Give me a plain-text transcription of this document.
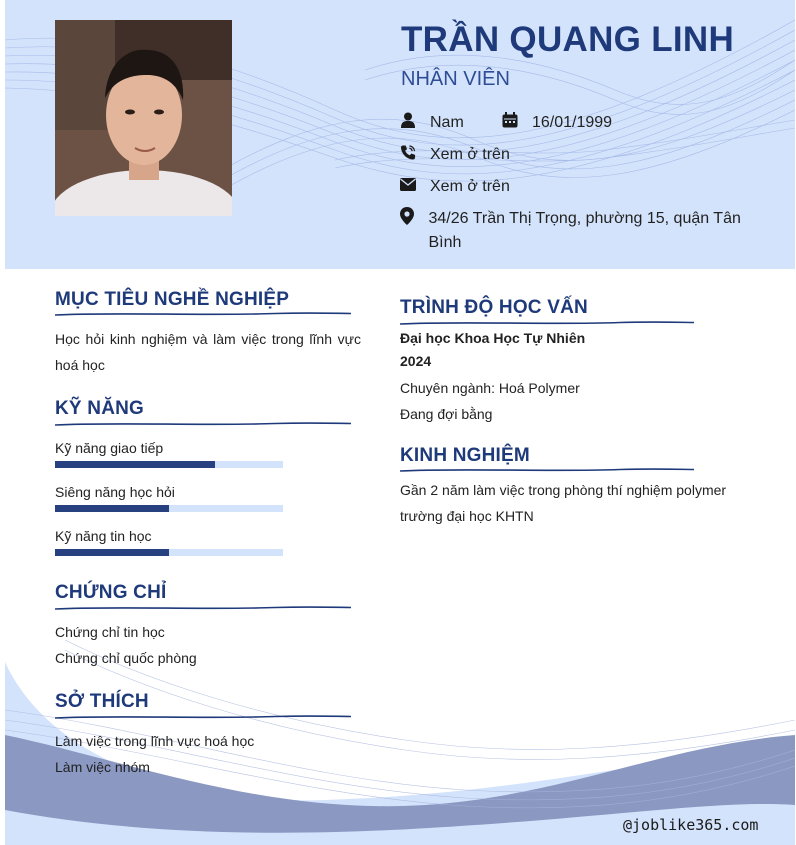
TRẦN QUANG LINH
NHÂN VIÊN
Nam	16/01/1999
Xem ở trên
Xem ở trên
34/26 Trần Thị Trọng, phường 15, quận Tân Bình
MỤC TIÊU NGHỀ NGHIỆP
Học hỏi kinh nghiệm và làm việc trong lĩnh vực hoá học
KỸ NĂNG
Kỹ năng giao tiếp
Siêng năng học hỏi
Kỹ năng tin học
CHỨNG CHỈ
Chứng chỉ tin học
Chứng chỉ quốc phòng
SỞ THÍCH
Làm việc trong lĩnh vực hoá học
Làm việc nhóm
TRÌNH ĐỘ HỌC VẤN
Đại học Khoa Học Tự Nhiên
2024
Chuyên ngành: Hoá Polymer
Đang đợi bằng
KINH NGHIỆM
Gần 2 năm làm việc trong phòng thí nghiệm polymer trường đại học KHTN
@joblike365.com
